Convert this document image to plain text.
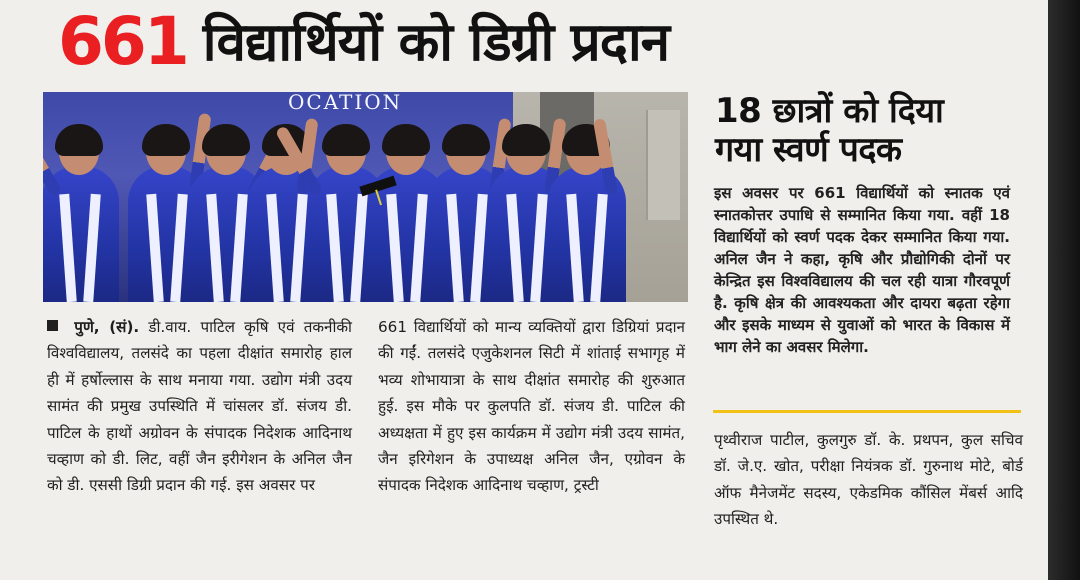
661 विद्यार्थियों को डिग्री प्रदान
OCATION	18 छात्रों को दिया गया स्वर्ण पदक
इस अवसर पर 661 विद्यार्थियों को स्नातक एवं स्नातकोत्तर उपाधि से सम्मानित किया गया. वहीं 18 विद्यार्थियों को स्वर्ण पदक देकर सम्मानित किया गया. अनिल जैन ने कहा, कृषि और प्रौद्योगिकी दोनों पर केन्द्रित इस विश्वविद्यालय की चल रही यात्रा गौरवपूर्ण है. कृषि क्षेत्र की आवश्यकता और दायरा बढ़ता रहेगा और इसके माध्यम से युवाओं को भारत के विकास में भाग लेने का अवसर मिलेगा.
पुणे, (सं). डी.वाय. पाटिल कृषि एवं तकनीकी विश्वविद्यालय, तलसंदे का पहला दीक्षांत समारोह हाल ही में हर्षोल्लास के साथ मनाया गया. उद्योग मंत्री उदय सामंत की प्रमुख उपस्थिति में चांसलर डॉ. संजय डी. पाटिल के हाथों अग्रोवन के संपादक निदेशक आदिनाथ चव्हाण को डी. लिट, वहीं जैन इरीगेशन के अनिल जैन को डी. एससी डिग्री प्रदान की गई. इस अवसर पर
661 विद्यार्थियों को मान्य व्यक्तियों द्वारा डिग्रियां प्रदान की गईं. तलसंदे एजुकेशनल सिटी में शांताई सभागृह में भव्य शोभायात्रा के साथ दीक्षांत समारोह की शुरुआत हुई. इस मौके पर कुलपति डॉ. संजय डी. पाटिल की अध्यक्षता में हुए इस कार्यक्रम में उद्योग मंत्री उदय सामंत, जैन इरिगेशन के उपाध्यक्ष अनिल जैन, एग्रोवन के संपादक निदेशक आदिनाथ चव्हाण, ट्रस्टी
पृथ्वीराज पाटील, कुलगुरु डॉ. के. प्रथपन, कुल सचिव डॉ. जे.ए. खोत, परीक्षा नियंत्रक डॉ. गुरुनाथ मोटे, बोर्ड ऑफ मैनेजमेंट सदस्य, एकेडमिक कौंसिल मेंबर्स आदि उपस्थित थे.
